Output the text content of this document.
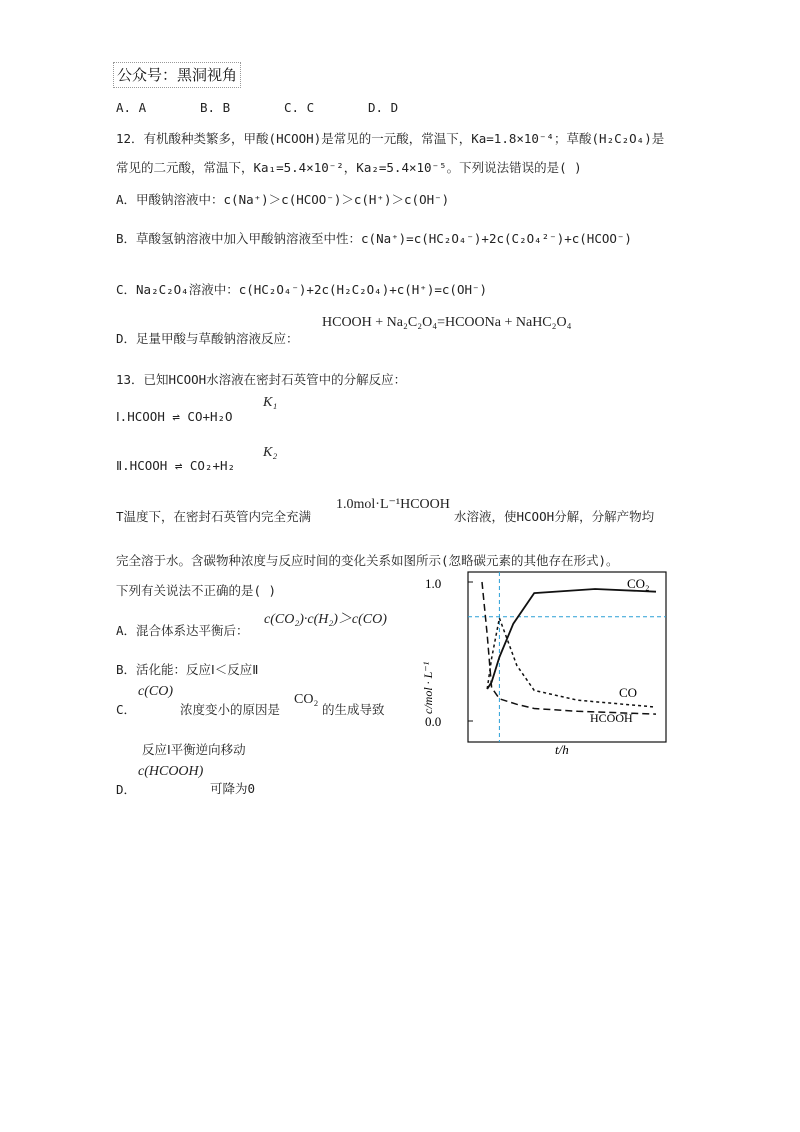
公众号：黑洞视角
A. A	B. B	C. C	D. D
12．有机酸种类繁多，甲酸(HCOOH)是常见的一元酸，常温下，Ka=1.8×10⁻⁴；草酸(H₂C₂O₄)是
常见的二元酸，常温下，Ka₁=5.4×10⁻²，Ka₂=5.4×10⁻⁵。下列说法错误的是( )
A．甲酸钠溶液中：c(Na⁺)＞c(HCOO⁻)＞c(H⁺)＞c(OH⁻)
B．草酸氢钠溶液中加入甲酸钠溶液至中性：c(Na⁺)=c(HC₂O₄⁻)+2c(C₂O₄²⁻)+c(HCOO⁻)
C．Na₂C₂O₄溶液中：c(HC₂O₄⁻)+2c(H₂C₂O₄)+c(H⁺)=c(OH⁻)
D．足量甲酸与草酸钠溶液反应：
HCOOH + Na₂C₂O₄=HCOONa + NaHC₂O₄
13．已知HCOOH水溶液在密封石英管中的分解反应：
Ⅰ.HCOOH ⇌ CO+H₂O
K₁
Ⅱ.HCOOH ⇌ CO₂+H₂
K₂
T温度下，在密封石英管内完全充满
1.0mol·L⁻¹HCOOH
水溶液，使HCOOH分解，分解产物均
完全溶于水。含碳物种浓度与反应时间的变化关系如图所示(忽略碳元素的其他存在形式)。
下列有关说法不正确的是( )
A．混合体系达平衡后：
c(CO₂)·c(H₂)＞c(CO)
B．活化能：反应Ⅰ＜反应Ⅱ
C．
c(CO)
浓度变小的原因是
CO₂
的生成导致
反应Ⅰ平衡逆向移动
D．
c(HCOOH)
可降为0
1.0
0.0
c/mol · L⁻¹
t/h
CO₂
CO
HCOOH
